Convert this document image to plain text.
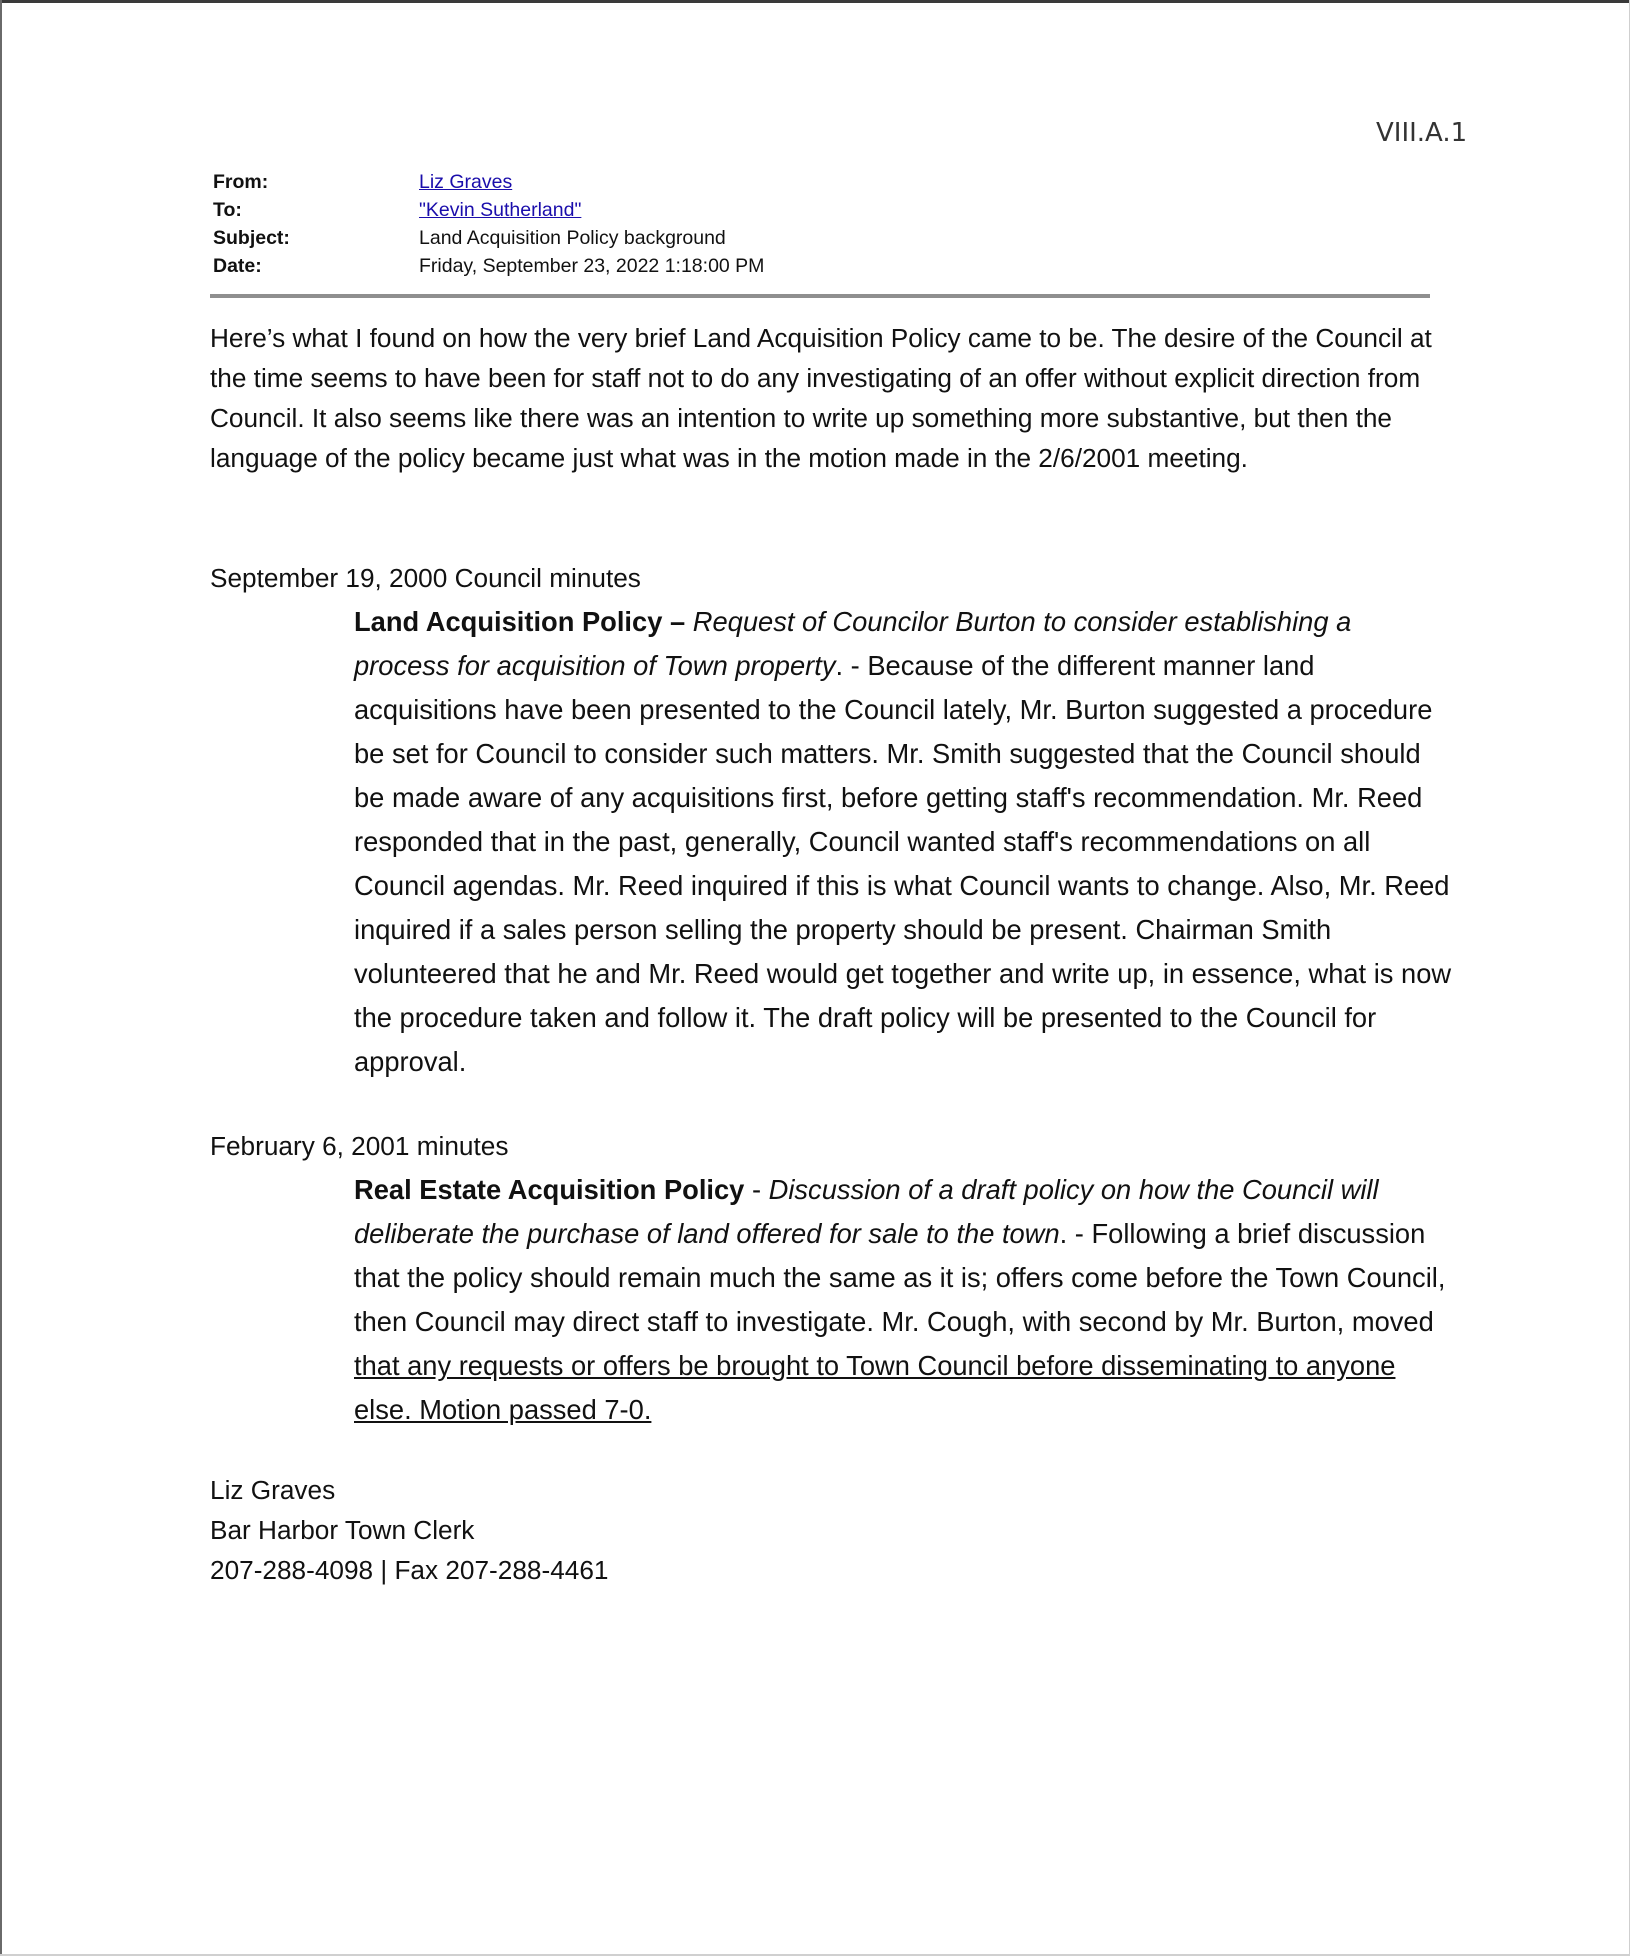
VIII.A.1
From:	Liz Graves
To:	"Kevin Sutherland"
Subject:	Land Acquisition Policy background
Date:	Friday, September 23, 2022 1:18:00 PM
Here’s what I found on how the very brief Land Acquisition Policy came to be. The desire of the Council at the time seems to have been for staff not to do any investigating of an offer without explicit direction from Council. It also seems like there was an intention to write up something more substantive, but then the language of the policy became just what was in the motion made in the 2/6/2001 meeting.
September 19, 2000 Council minutes
Land Acquisition Policy – Request of Councilor Burton to consider establishing a process for acquisition of Town property. - Because of the different manner land acquisitions have been presented to the Council lately, Mr. Burton suggested a procedure be set for Council to consider such matters. Mr. Smith suggested that the Council should be made aware of any acquisitions first, before getting staff's recommendation. Mr. Reed responded that in the past, generally, Council wanted staff's recommendations on all Council agendas. Mr. Reed inquired if this is what Council wants to change. Also, Mr. Reed inquired if a sales person selling the property should be present. Chairman Smith volunteered that he and Mr. Reed would get together and write up, in essence, what is now the procedure taken and follow it. The draft policy will be presented to the Council for approval.
February 6, 2001 minutes
Real Estate Acquisition Policy - Discussion of a draft policy on how the Council will deliberate the purchase of land offered for sale to the town. - Following a brief discussion that the policy should remain much the same as it is; offers come before the Town Council, then Council may direct staff to investigate. Mr. Cough, with second by Mr. Burton, moved that any requests or offers be brought to Town Council before disseminating to anyone else. Motion passed 7-0.
Liz Graves
Bar Harbor Town Clerk
207-288-4098 | Fax 207-288-4461
